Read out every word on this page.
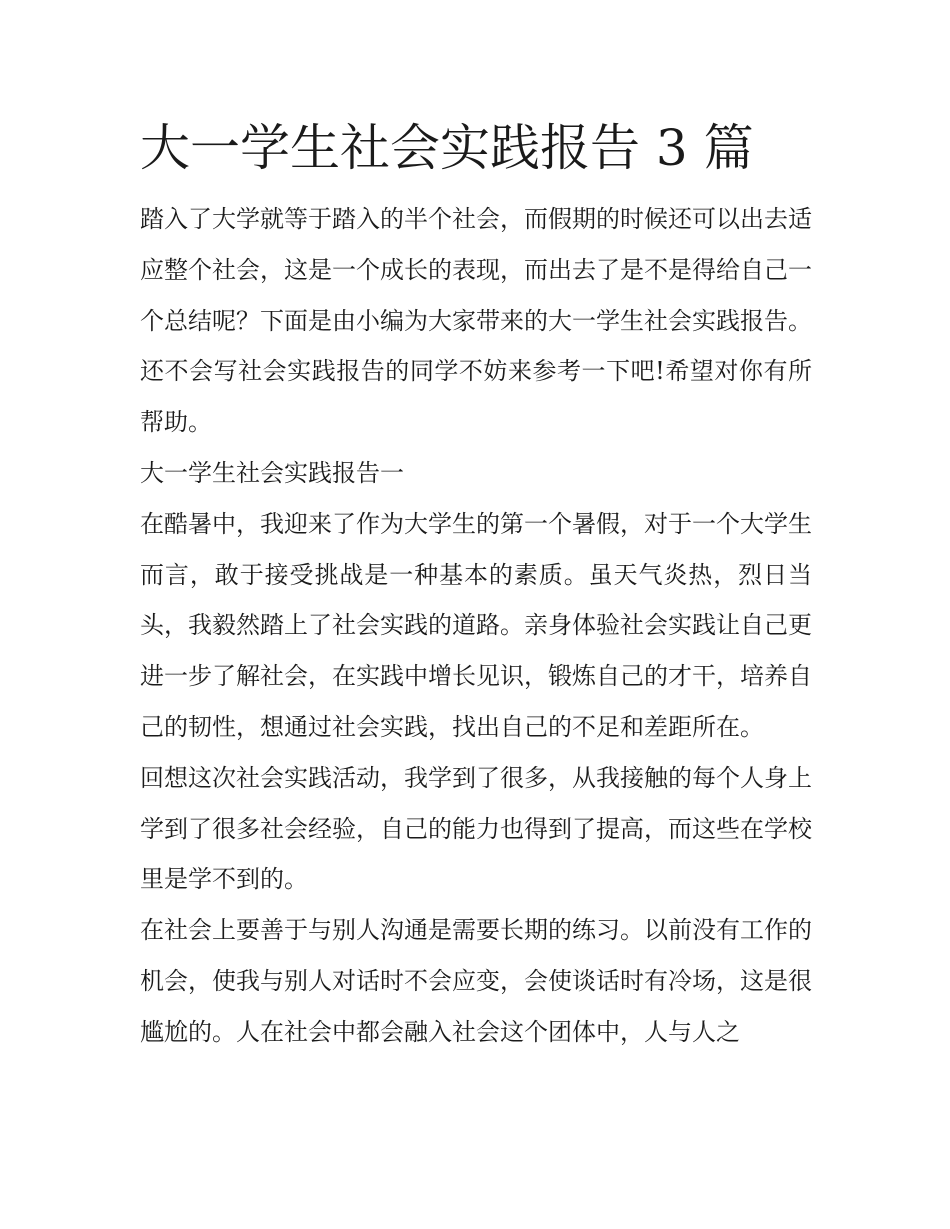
大一学生社会实践报告 3 篇

踏入了大学就等于踏入的半个社会，而假期的时候还可以出去适应整个社会，这是一个成长的表现，而出去了是不是得给自己一个总结呢？下面是由小编为大家带来的大一学生社会实践报告。还不会写社会实践报告的同学不妨来参考一下吧!希望对你有所帮助。

大一学生社会实践报告一

在酷暑中，我迎来了作为大学生的第一个暑假，对于一个大学生而言，敢于接受挑战是一种基本的素质。虽天气炎热，烈日当头，我毅然踏上了社会实践的道路。亲身体验社会实践让自己更进一步了解社会，在实践中增长见识，锻炼自己的才干，培养自己的韧性，想通过社会实践，找出自己的不足和差距所在。

回想这次社会实践活动，我学到了很多，从我接触的每个人身上学到了很多社会经验，自己的能力也得到了提高，而这些在学校里是学不到的。

在社会上要善于与别人沟通是需要长期的练习。以前没有工作的机会，使我与别人对话时不会应变，会使谈话时有冷场，这是很尴尬的。人在社会中都会融入社会这个团体中，人与人之
